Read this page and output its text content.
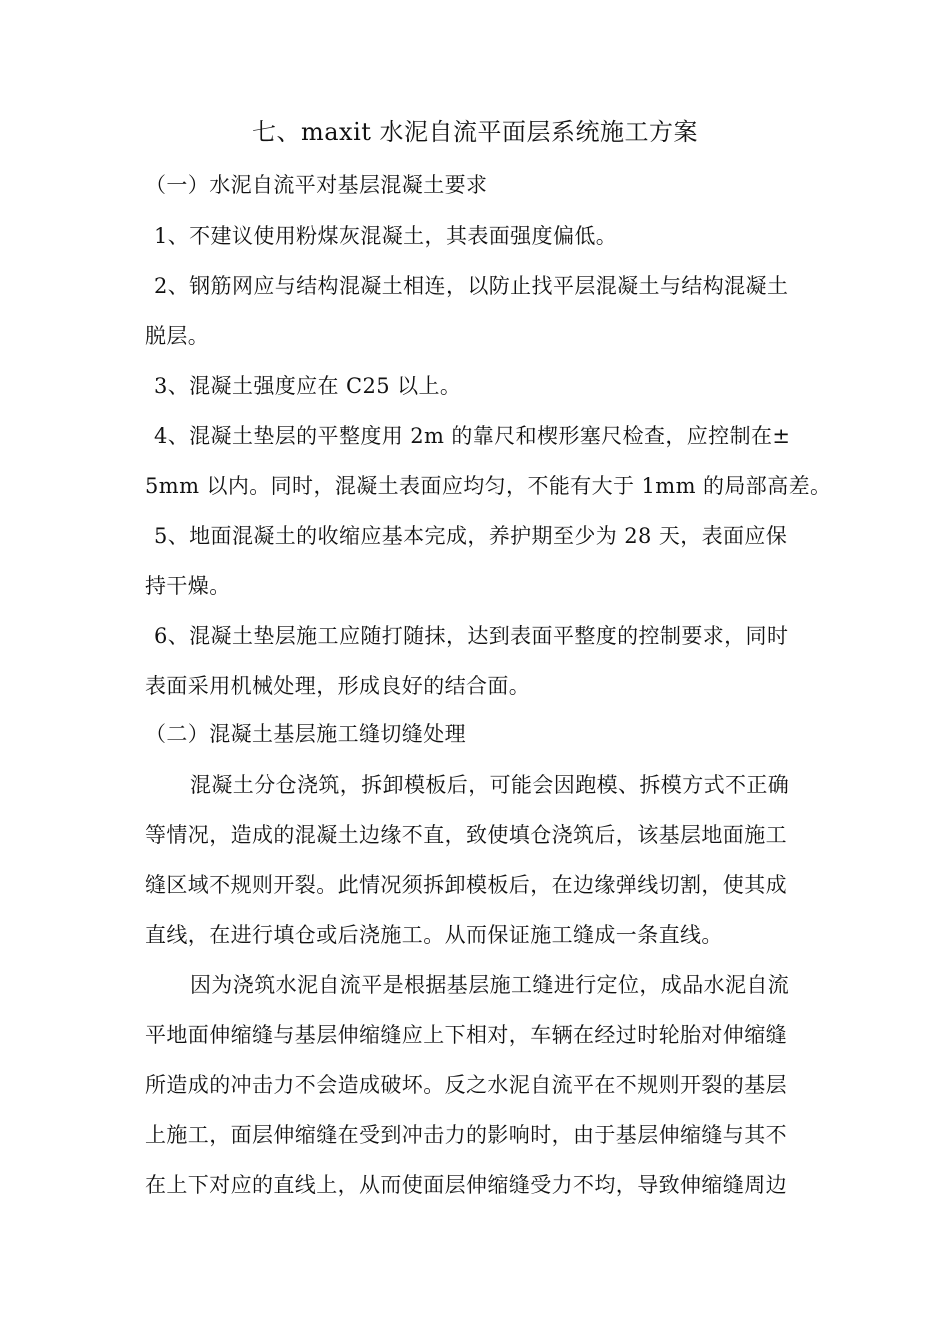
七、maxit 水泥自流平面层系统施工方案
（一）水泥自流平对基层混凝土要求
1、不建议使用粉煤灰混凝土，其表面强度偏低。
2、钢筋网应与结构混凝土相连，以防止找平层混凝土与结构混凝土
脱层。
3、混凝土强度应在 C25 以上。
4、混凝土垫层的平整度用 2m 的靠尺和楔形塞尺检查，应控制在±
5mm 以内。同时，混凝土表面应均匀，不能有大于 1mm 的局部高差。
5、地面混凝土的收缩应基本完成，养护期至少为 28 天，表面应保
持干燥。
6、混凝土垫层施工应随打随抹，达到表面平整度的控制要求，同时
表面采用机械处理，形成良好的结合面。
（二）混凝土基层施工缝切缝处理
混凝土分仓浇筑，拆卸模板后，可能会因跑模、拆模方式不正确
等情况，造成的混凝土边缘不直，致使填仓浇筑后，该基层地面施工
缝区域不规则开裂。此情况须拆卸模板后，在边缘弹线切割，使其成
直线，在进行填仓或后浇施工。从而保证施工缝成一条直线。
因为浇筑水泥自流平是根据基层施工缝进行定位，成品水泥自流
平地面伸缩缝与基层伸缩缝应上下相对，车辆在经过时轮胎对伸缩缝
所造成的冲击力不会造成破坏。反之水泥自流平在不规则开裂的基层
上施工，面层伸缩缝在受到冲击力的影响时，由于基层伸缩缝与其不
在上下对应的直线上，从而使面层伸缩缝受力不均，导致伸缩缝周边
